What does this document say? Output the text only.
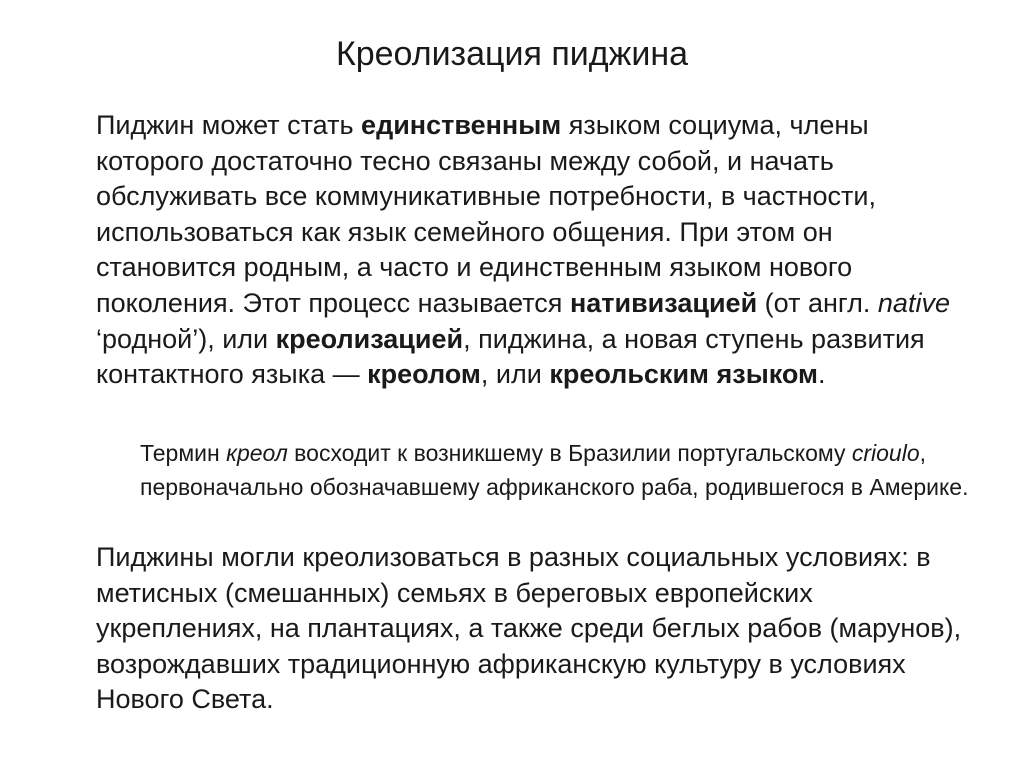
Креолизация пиджина

Пиджин может стать единственным языком социума, члены которого достаточно тесно связаны между собой, и начать обслуживать все коммуникативные потребности, в частности, использоваться как язык семейного общения. При этом он становится родным, а часто и единственным языком нового поколения. Этот процесс называется нативизацией (от англ. native ‘родной’), или креолизацией, пиджина, а новая ступень развития контактного языка — креолом, или креольским языком.

Термин креол восходит к возникшему в Бразилии португальскому crioulo, первоначально обозначавшему африканского раба, родившегося в Америке.

Пиджины могли креолизоваться в разных социальных условиях: в метисных (смешанных) семьях в береговых европейских укреплениях, на плантациях, а также среди беглых рабов (марунов), возрождавших традиционную африканскую культуру в условиях Нового Света.
